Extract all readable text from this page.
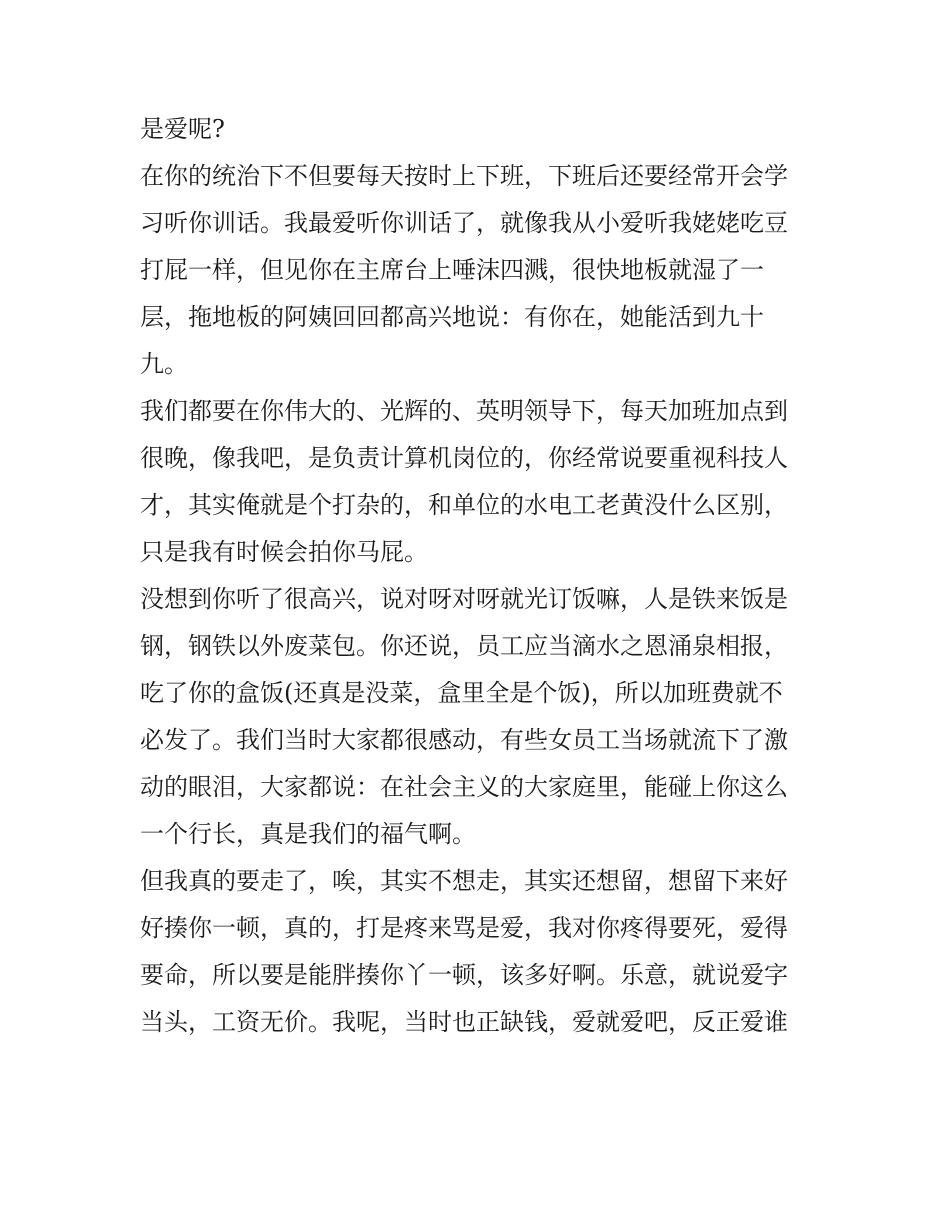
是爱呢?
在你的统治下不但要每天按时上下班，下班后还要经常开会学
习听你训话。我最爱听你训话了，就像我从小爱听我姥姥吃豆
打屁一样，但见你在主席台上唾沫四溅，很快地板就湿了一
层，拖地板的阿姨回回都高兴地说：有你在，她能活到九十
九。
我们都要在你伟大的、光辉的、英明领导下，每天加班加点到
很晚，像我吧，是负责计算机岗位的，你经常说要重视科技人
才，其实俺就是个打杂的，和单位的水电工老黄没什么区别，
只是我有时候会拍你马屁。
没想到你听了很高兴，说对呀对呀就光订饭嘛，人是铁来饭是
钢，钢铁以外废菜包。你还说，员工应当滴水之恩涌泉相报，
吃了你的盒饭(还真是没菜，盒里全是个饭)，所以加班费就不
必发了。我们当时大家都很感动，有些女员工当场就流下了激
动的眼泪，大家都说：在社会主义的大家庭里，能碰上你这么
一个行长，真是我们的福气啊。
但我真的要走了，唉，其实不想走，其实还想留，想留下来好
好揍你一顿，真的，打是疼来骂是爱，我对你疼得要死，爱得
要命，所以要是能胖揍你丫一顿，该多好啊。乐意，就说爱字
当头，工资无价。我呢，当时也正缺钱，爱就爱吧，反正爱谁
